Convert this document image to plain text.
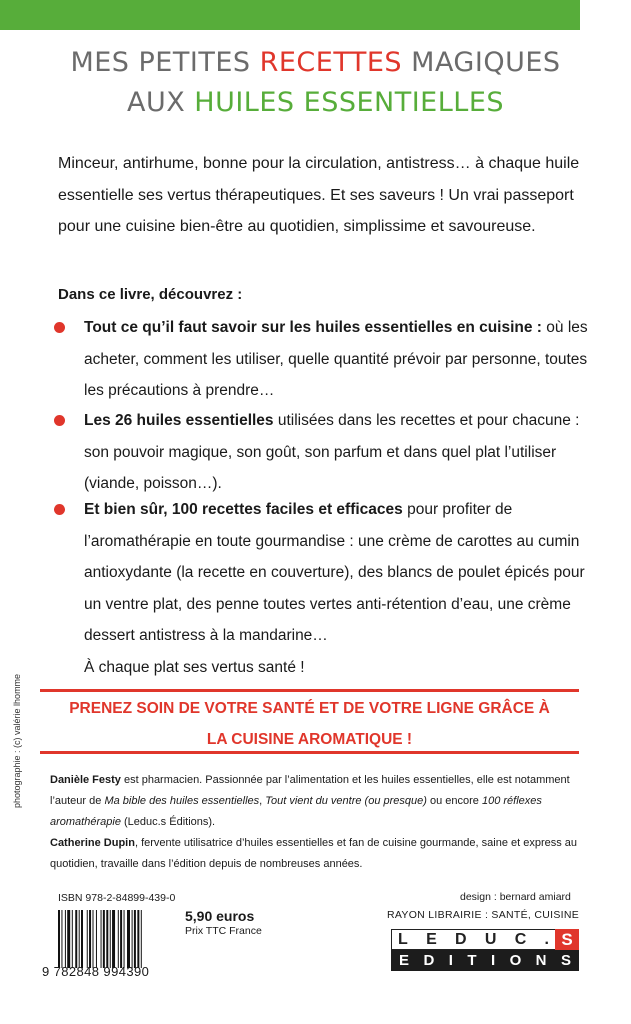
MES PETITES RECETTES MAGIQUES
AUX HUILES ESSENTIELLES

Minceur, antirhume, bonne pour la circulation, antistress… à chaque huile essentielle ses vertus thérapeutiques. Et ses saveurs ! Un vrai passeport pour une cuisine bien-être au quotidien, simplissime et savoureuse.

Dans ce livre, découvrez :

Tout ce qu’il faut savoir sur les huiles essentielles en cuisine : où les acheter, comment les utiliser, quelle quantité prévoir par personne, toutes les précautions à prendre…
Les 26 huiles essentielles utilisées dans les recettes et pour chacune : son pouvoir magique, son goût, son parfum et dans quel plat l’utiliser (viande, poisson…).
Et bien sûr, 100 recettes faciles et efficaces pour profiter de l’aromathérapie en toute gourmandise : une crème de carottes au cumin antioxydante (la recette en couverture), des blancs de poulet épicés pour un ventre plat, des penne toutes vertes anti-rétention d’eau, une crème dessert antistress à la mandarine…
À chaque plat ses vertus santé !
PRENEZ SOIN DE VOTRE SANTÉ ET DE VOTRE LIGNE GRÂCE À
LA CUISINE AROMATIQUE !
photographie : (c) valérie lhomme	Danièle Festy est pharmacien. Passionnée par l’alimentation et les huiles essentielles, elle est notamment l’auteur de Ma bible des huiles essentielles, Tout vient du ventre (ou presque) ou encore 100 réflexes aromathérapie (Leduc.s Éditions).

Catherine Dupin, fervente utilisatrice d’huiles essentielles et fan de cuisine gourmande, saine et express au quotidien, travaille dans l’édition depuis de nombreuses années.

ISBN 978-2-84899-439-0
9 782848 994390
5,90 euros
Prix TTC France
design : bernard amiard
RAYON LIBRAIRIE : SANTÉ, CUISINE
L E D U C . S
E D I T I O N S
